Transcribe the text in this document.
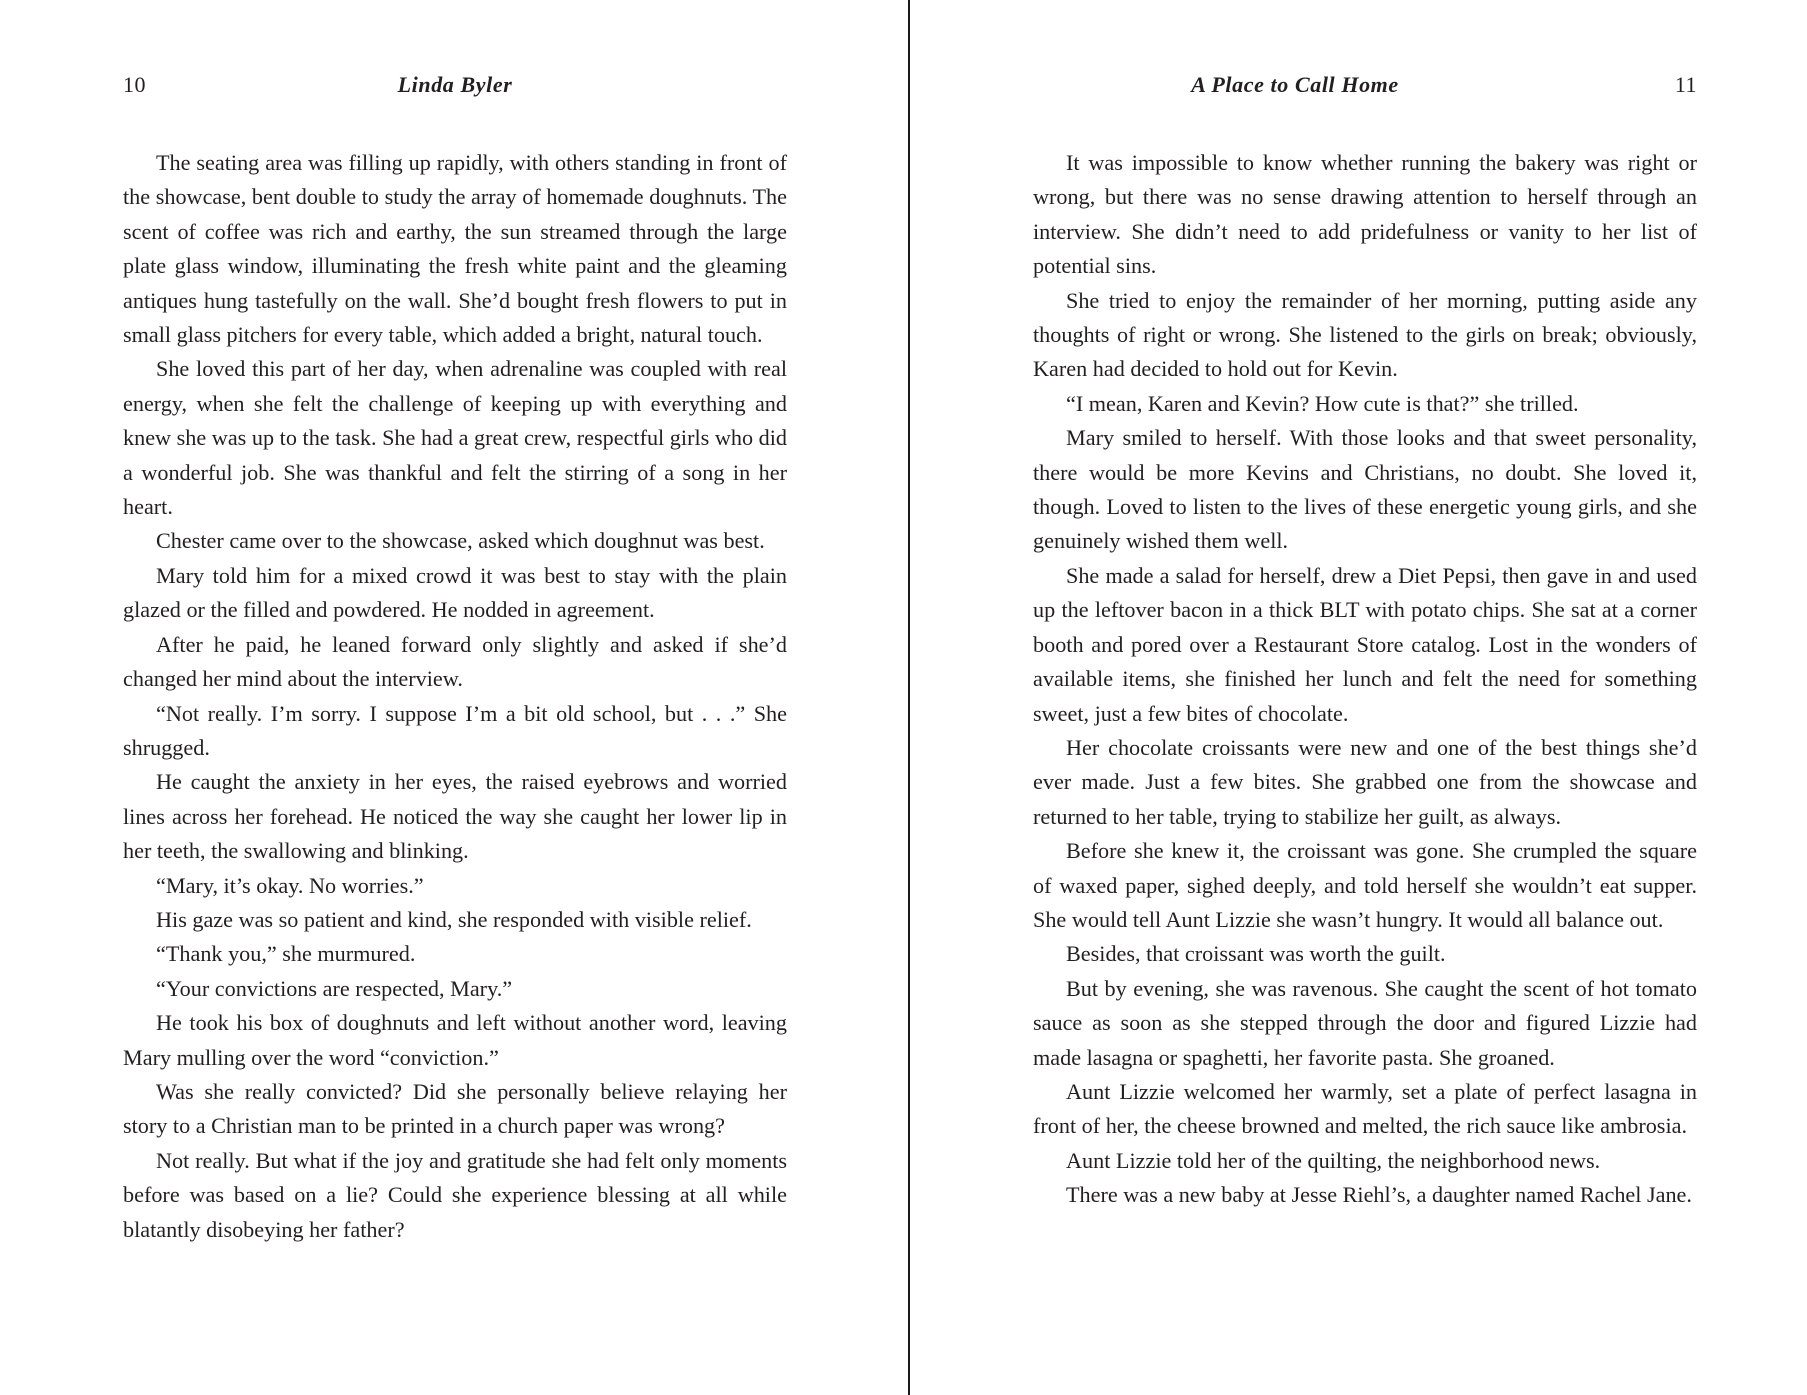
10	Linda Byler

The seating area was filling up rapidly, with others standing in front of the showcase, bent double to study the array of homemade doughnuts. The scent of coffee was rich and earthy, the sun streamed through the large plate glass window, illuminating the fresh white paint and the gleaming antiques hung tastefully on the wall. She’d bought fresh flowers to put in small glass pitchers for every table, which added a bright, natural touch.

She loved this part of her day, when adrenaline was coupled with real energy, when she felt the challenge of keeping up with everything and knew she was up to the task. She had a great crew, respectful girls who did a wonderful job. She was thankful and felt the stirring of a song in her heart.

Chester came over to the showcase, asked which doughnut was best.

Mary told him for a mixed crowd it was best to stay with the plain glazed or the filled and powdered. He nodded in agreement.

After he paid, he leaned forward only slightly and asked if she’d changed her mind about the interview.

“Not really. I’m sorry. I suppose I’m a bit old school, but . . .” She shrugged.

He caught the anxiety in her eyes, the raised eyebrows and worried lines across her forehead. He noticed the way she caught her lower lip in her teeth, the swallowing and blinking.

“Mary, it’s okay. No worries.”

His gaze was so patient and kind, she responded with visible relief.

“Thank you,” she murmured.

“Your convictions are respected, Mary.”

He took his box of doughnuts and left without another word, leaving Mary mulling over the word “conviction.”

Was she really convicted? Did she personally believe relaying her story to a Christian man to be printed in a church paper was wrong?

Not really. But what if the joy and gratitude she had felt only moments before was based on a lie? Could she experience blessing at all while blatantly disobeying her father?

A Place to Call Home	11

It was impossible to know whether running the bakery was right or wrong, but there was no sense drawing attention to herself through an interview. She didn’t need to add pridefulness or vanity to her list of potential sins.

She tried to enjoy the remainder of her morning, putting aside any thoughts of right or wrong. She listened to the girls on break; obviously, Karen had decided to hold out for Kevin.

“I mean, Karen and Kevin? How cute is that?” she trilled.

Mary smiled to herself. With those looks and that sweet personality, there would be more Kevins and Christians, no doubt. She loved it, though. Loved to listen to the lives of these energetic young girls, and she genuinely wished them well.

She made a salad for herself, drew a Diet Pepsi, then gave in and used up the leftover bacon in a thick BLT with potato chips. She sat at a corner booth and pored over a Restaurant Store catalog. Lost in the wonders of available items, she finished her lunch and felt the need for something sweet, just a few bites of chocolate.

Her chocolate croissants were new and one of the best things she’d ever made. Just a few bites. She grabbed one from the showcase and returned to her table, trying to stabilize her guilt, as always.

Before she knew it, the croissant was gone. She crumpled the square of waxed paper, sighed deeply, and told herself she wouldn’t eat supper. She would tell Aunt Lizzie she wasn’t hungry. It would all balance out.

Besides, that croissant was worth the guilt.

But by evening, she was ravenous. She caught the scent of hot tomato sauce as soon as she stepped through the door and figured Lizzie had made lasagna or spaghetti, her favorite pasta. She groaned.

Aunt Lizzie welcomed her warmly, set a plate of perfect lasagna in front of her, the cheese browned and melted, the rich sauce like ambrosia.

Aunt Lizzie told her of the quilting, the neighborhood news.

There was a new baby at Jesse Riehl’s, a daughter named Rachel Jane.
